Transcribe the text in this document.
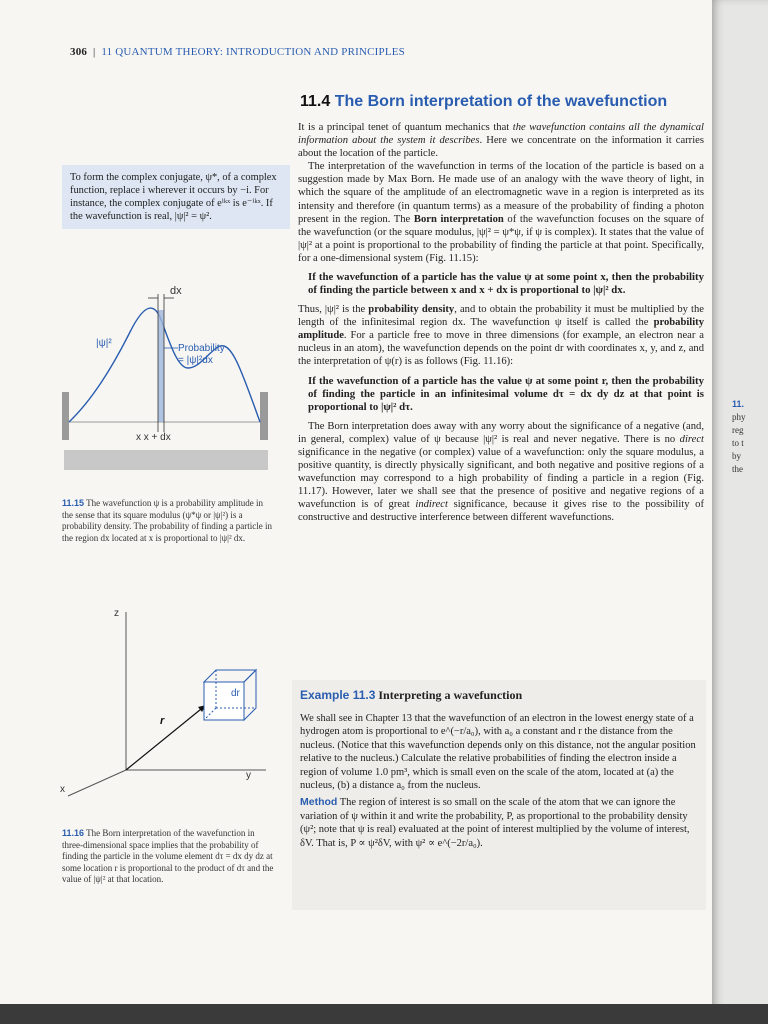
306  |  11 QUANTUM THEORY: INTRODUCTION AND PRINCIPLES
11.4 The Born interpretation of the wavefunction

It is a principal tenet of quantum mechanics that the wavefunction contains all the dynamical information about the system it describes. Here we concentrate on the information it carries about the location of the particle.

The interpretation of the wavefunction in terms of the location of the particle is based on a suggestion made by Max Born. He made use of an analogy with the wave theory of light, in which the square of the amplitude of an electromagnetic wave in a region is interpreted as its intensity and therefore (in quantum terms) as a measure of the probability of finding a photon present in the region. The Born interpretation of the wavefunction focuses on the square of the wavefunction (or the square modulus, |ψ|² = ψ*ψ, if ψ is complex). It states that the value of |ψ|² at a point is proportional to the probability of finding the particle at that point. Specifically, for a one-dimensional system (Fig. 11.15):

If the wavefunction of a particle has the value ψ at some point x, then the probability of finding the particle between x and x + dx is proportional to |ψ|² dx.

Thus, |ψ|² is the probability density, and to obtain the probability it must be multiplied by the length of the infinitesimal region dx. The wavefunction ψ itself is called the probability amplitude. For a particle free to move in three dimensions (for example, an electron near a nucleus in an atom), the wavefunction depends on the point dr with coordinates x, y, and z, and the interpretation of ψ(r) is as follows (Fig. 11.16):

If the wavefunction of a particle has the value ψ at some point r, then the probability of finding the particle in an infinitesimal volume dτ = dx dy dz at that point is proportional to |ψ|² dτ.

The Born interpretation does away with any worry about the significance of a negative (and, in general, complex) value of ψ because |ψ|² is real and never negative. There is no direct significance in the negative (or complex) value of a wavefunction: only the square modulus, a positive quantity, is directly physically significant, and both negative and positive regions of a wavefunction may correspond to a high probability of finding a particle in a region (Fig. 11.17). However, later we shall see that the presence of positive and negative regions of a wavefunction is of great indirect significance, because it gives rise to the possibility of constructive and destructive interference between different wavefunctions.

To form the complex conjugate, ψ*, of a complex function, replace i wherever it occurs by −i. For instance, the complex conjugate of eⁱᵏˣ is e⁻ⁱᵏˣ. If the wavefunction is real, |ψ|² = ψ².
dx
|ψ|²	Probability
= |ψ|²dx
x x + dx
11.15 The wavefunction ψ is a probability amplitude in the sense that its square modulus (ψ*ψ or |ψ|²) is a probability density. The probability of finding a particle in the region dx located at x is proportional to |ψ|² dx.
z
y
x
r
dr
11.16 The Born interpretation of the wavefunction in three-dimensional space implies that the probability of finding the particle in the volume element dτ = dx dy dz at some location r is proportional to the product of dτ and the value of |ψ|² at that location.
Example 11.3 Interpreting a wavefunction

We shall see in Chapter 13 that the wavefunction of an electron in the lowest energy state of a hydrogen atom is proportional to e^(−r/a₀), with a₀ a constant and r the distance from the nucleus. (Notice that this wavefunction depends only on this distance, not the angular position relative to the nucleus.) Calculate the relative probabilities of finding the electron inside a region of volume 1.0 pm³, which is small even on the scale of the atom, located at (a) the nucleus, (b) a distance a₀ from the nucleus.

Method The region of interest is so small on the scale of the atom that we can ignore the variation of ψ within it and write the probability, P, as proportional to the probability density (ψ²; note that ψ is real) evaluated at the point of interest multiplied by the volume of interest, δV. That is, P ∝ ψ²δV, with ψ² ∝ e^(−2r/a₀).

11.
phy
reg
to t
by
the
